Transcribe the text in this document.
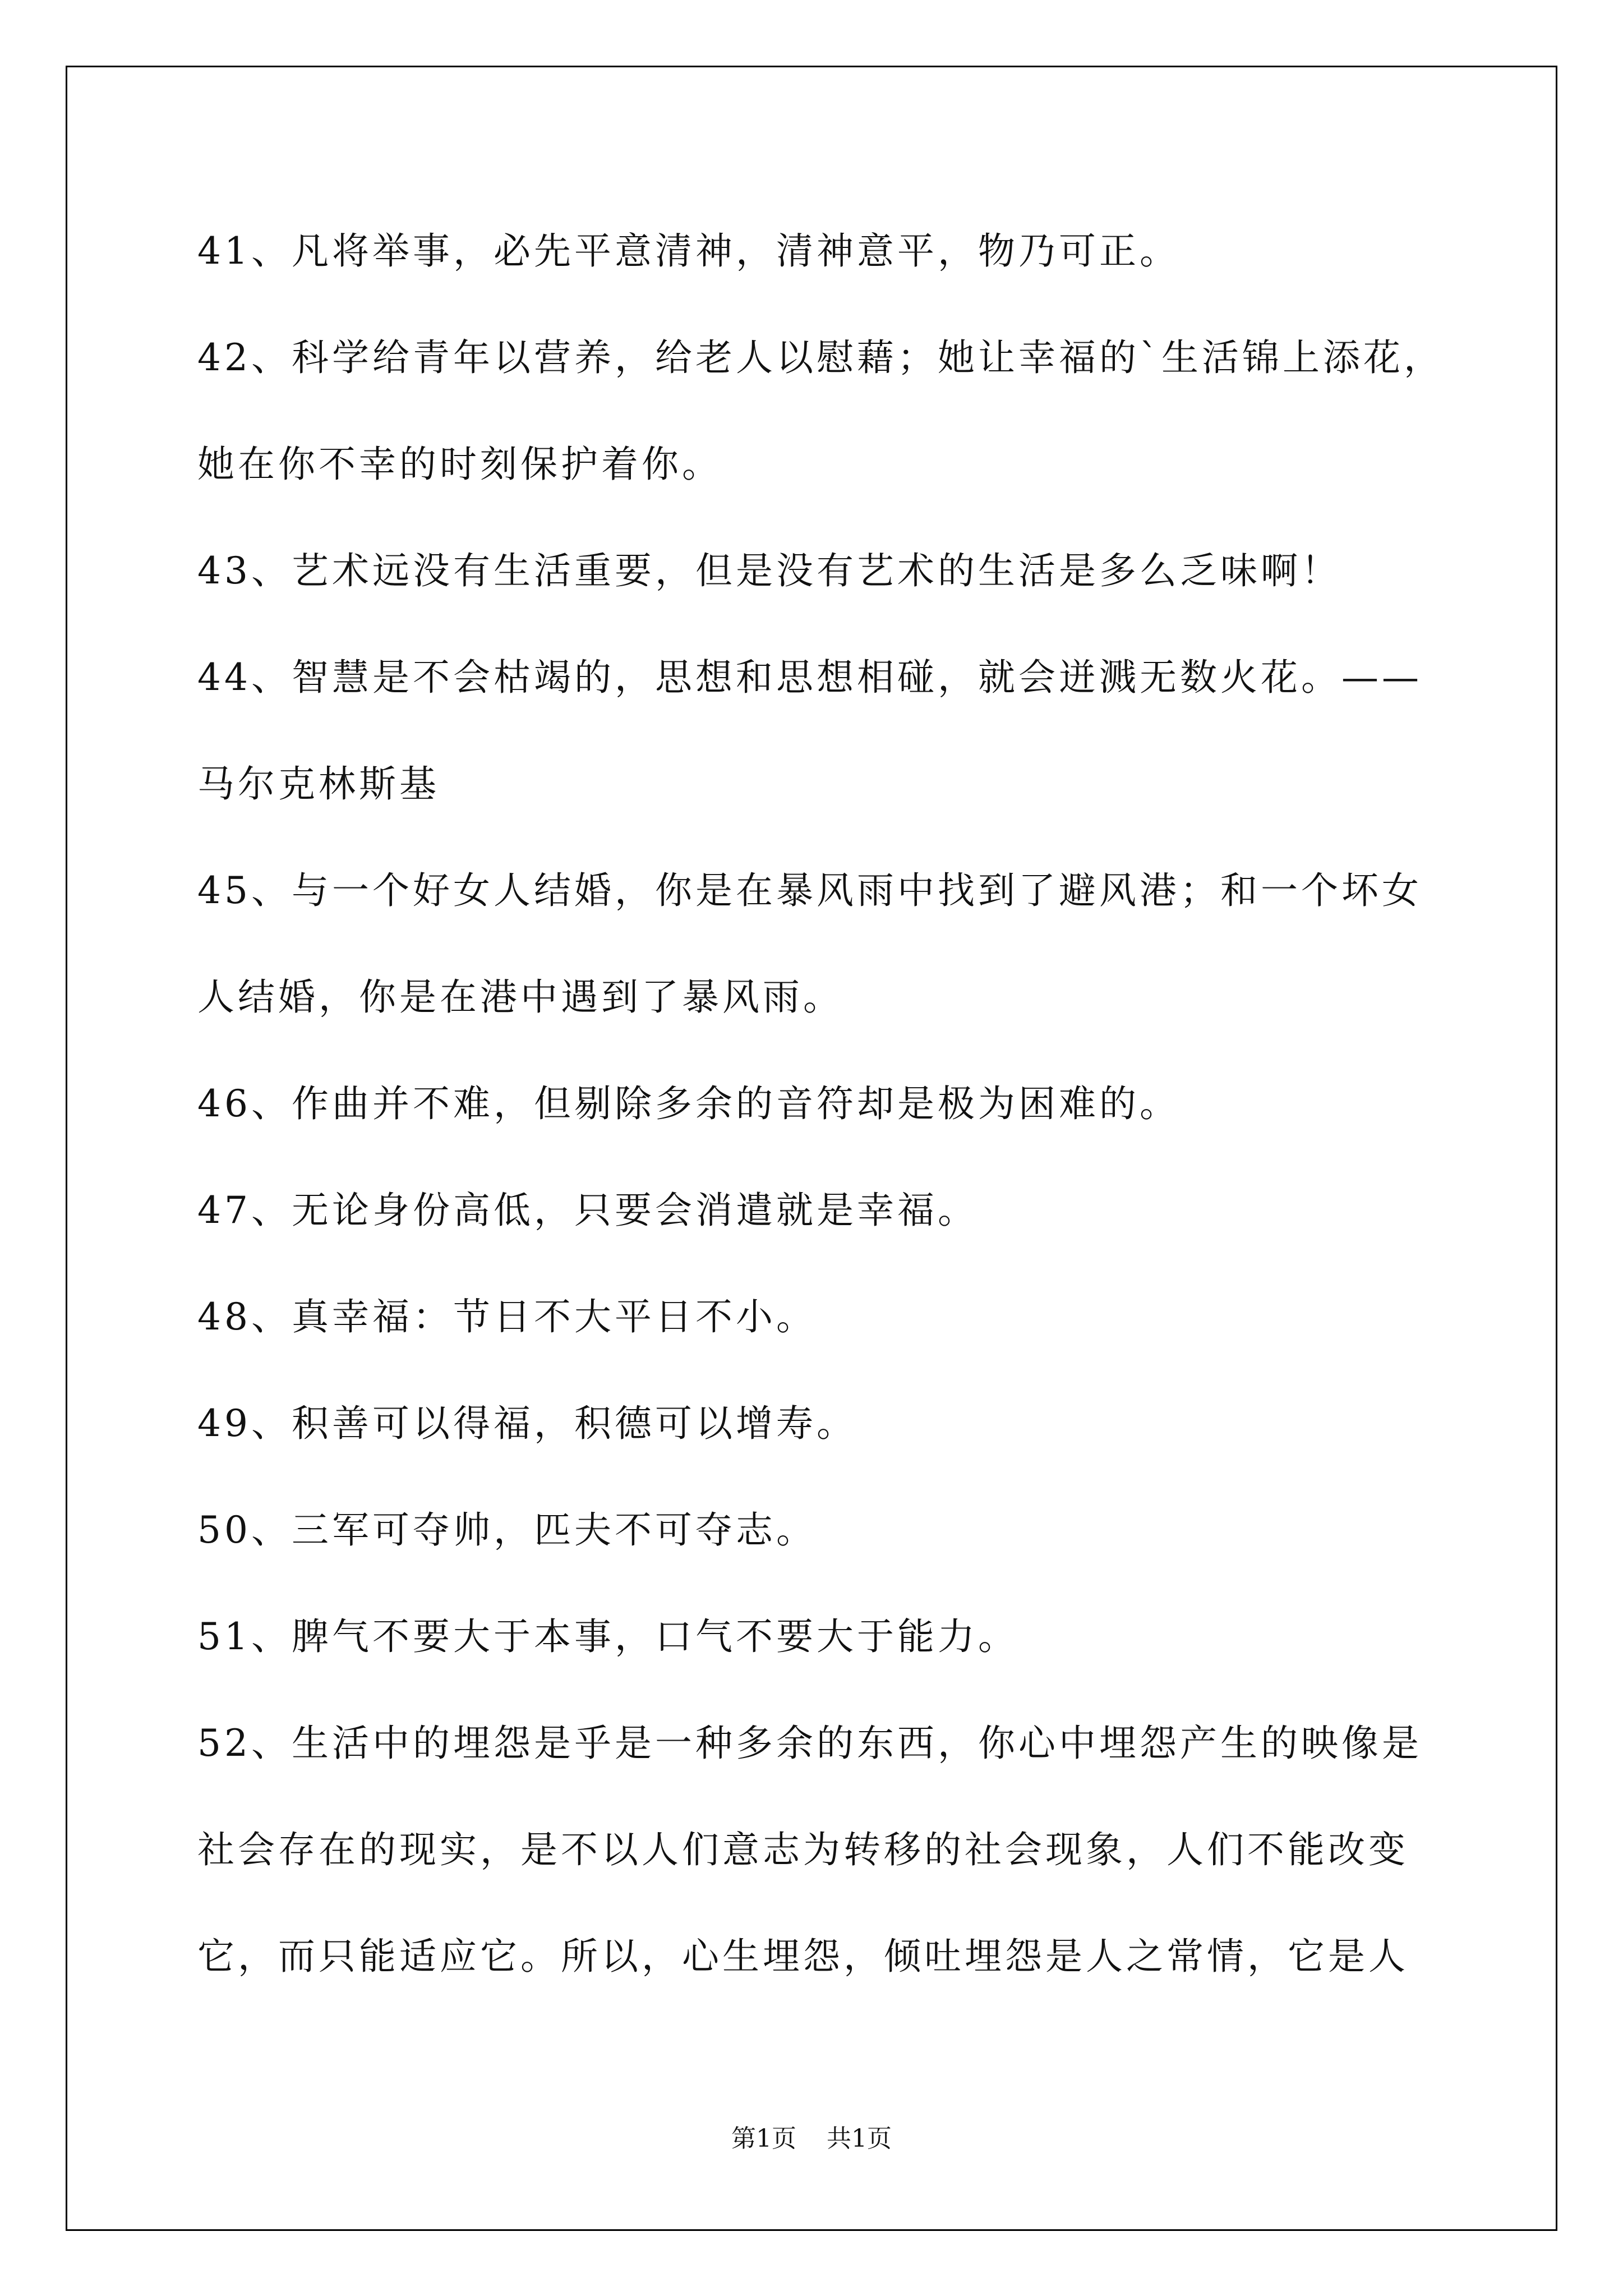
41、凡将举事，必先平意清神，清神意平，物乃可正。
42、科学给青年以营养，给老人以慰藉；她让幸福的`生活锦上添花，
她在你不幸的时刻保护着你。
43、艺术远没有生活重要，但是没有艺术的生活是多么乏味啊！
44、智慧是不会枯竭的，思想和思想相碰，就会迸溅无数火花。——
马尔克林斯基
45、与一个好女人结婚，你是在暴风雨中找到了避风港；和一个坏女
人结婚，你是在港中遇到了暴风雨。
46、作曲并不难，但剔除多余的音符却是极为困难的。
47、无论身份高低，只要会消遣就是幸福。
48、真幸福：节日不大平日不小。
49、积善可以得福，积德可以增寿。
50、三军可夺帅，匹夫不可夺志。
51、脾气不要大于本事，口气不要大于能力。
52、生活中的埋怨是乎是一种多余的东西，你心中埋怨产生的映像是
社会存在的现实，是不以人们意志为转移的社会现象，人们不能改变
它，而只能适应它。所以，心生埋怨，倾吐埋怨是人之常情，它是人
第1页 共1页
